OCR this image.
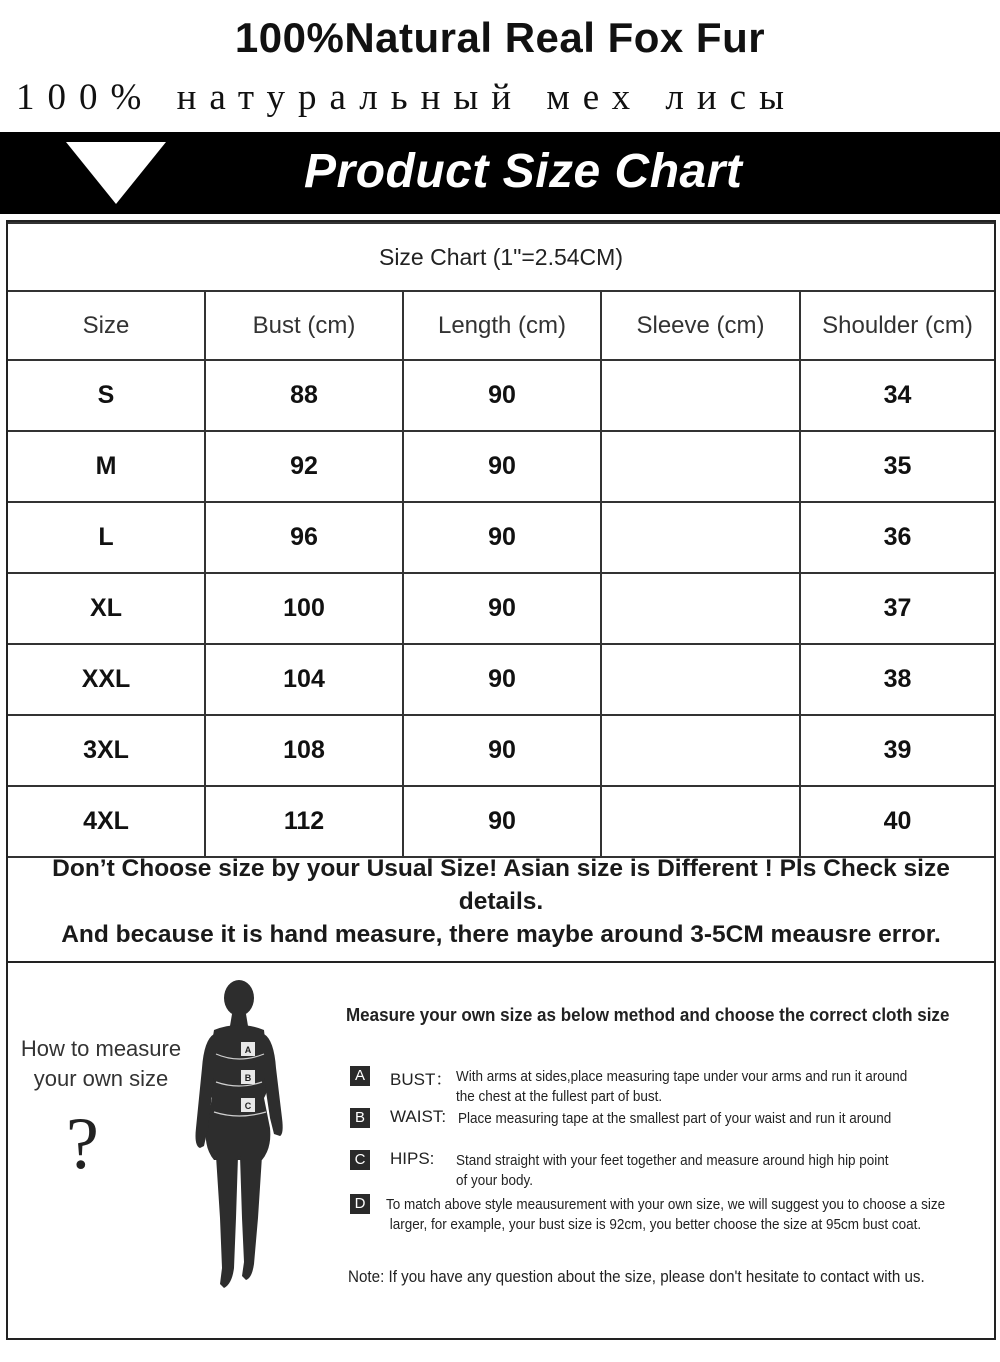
100%Natural Real Fox Fur
100% натуральный мех лисы
Product Size Chart
Size Chart (1"=2.54CM)				
Size	Bust (cm)	Length (cm)	Sleeve (cm)	Shoulder (cm)
S	88	90		34
M	92	90		35
L	96	90		36
XL	100	90		37
XXL	104	90		38
3XL	108	90		39
4XL	112	90		40
Don’t Choose size by your Usual Size! Asian size is Different ! Pls Check size details.
And because it is hand measure, there maybe around 3-5CM meausre error.
How to measure
your own size
?
A
B
C
Measure your own size as below method and choose the correct cloth size
A BUST： With arms at sides,place measuring tape under vour arms and run it around
the chest at the fullest part of bust.
B WAIST: Place measuring tape at the smallest part of your waist and run it around
C HIPS: Stand straight with your feet together and measure around high hip point
of your body.
D	To match above style meausurement with your own size, we will suggest you to choose a size
larger, for example, your bust size is 92cm, you better choose the size at 95cm bust coat.
Note: If you have any question about the size, please don't hesitate to contact with us.
